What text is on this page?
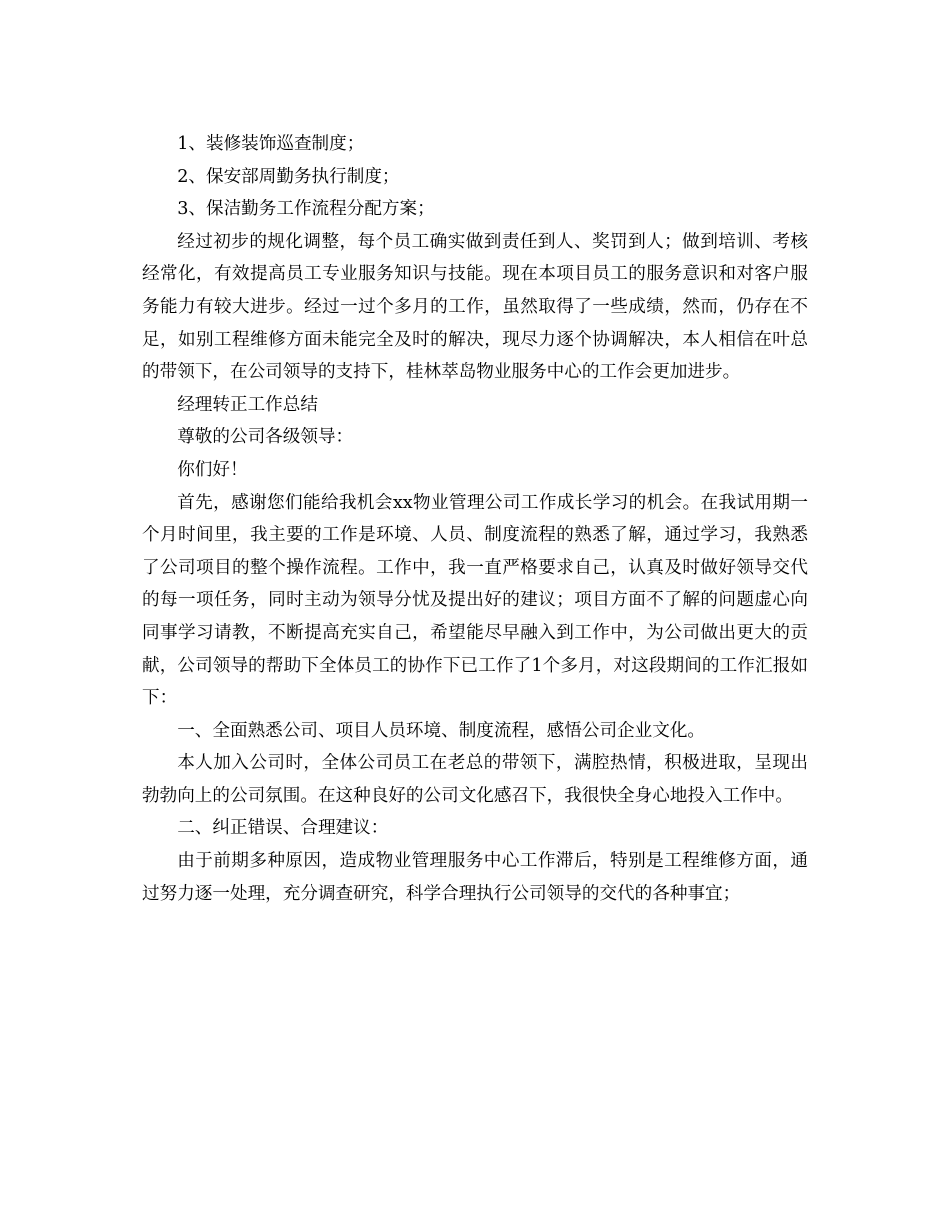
1、装修装饰巡查制度；

2、保安部周勤务执行制度；

3、保洁勤务工作流程分配方案；

经过初步的规化调整，每个员工确实做到责任到人、奖罚到人；做到培训、考核经常化，有效提高员工专业服务知识与技能。现在本项目员工的服务意识和对客户服务能力有较大进步。经过一过个多月的工作，虽然取得了一些成绩，然而，仍存在不足，如别工程维修方面未能完全及时的解决，现尽力逐个协调解决，本人相信在叶总的带领下，在公司领导的支持下，桂林萃岛物业服务中心的工作会更加进步。

经理转正工作总结

尊敬的公司各级领导：

你们好！

首先，感谢您们能给我机会xx物业管理公司工作成长学习的机会。在我试用期一个月时间里，我主要的工作是环境、人员、制度流程的熟悉了解，通过学习，我熟悉了公司项目的整个操作流程。工作中，我一直严格要求自己，认真及时做好领导交代的每一项任务，同时主动为领导分忧及提出好的建议；项目方面不了解的问题虚心向同事学习请教，不断提高充实自己，希望能尽早融入到工作中，为公司做出更大的贡献，公司领导的帮助下全体员工的协作下已工作了1个多月，对这段期间的工作汇报如下：

一、全面熟悉公司、项目人员环境、制度流程，感悟公司企业文化。

本人加入公司时，全体公司员工在老总的带领下，满腔热情，积极进取，呈现出勃勃向上的公司氛围。在这种良好的公司文化感召下，我很快全身心地投入工作中。

二、纠正错误、合理建议：

由于前期多种原因，造成物业管理服务中心工作滞后，特别是工程维修方面，通过努力逐一处理，充分调查研究，科学合理执行公司领导的交代的各种事宜；
